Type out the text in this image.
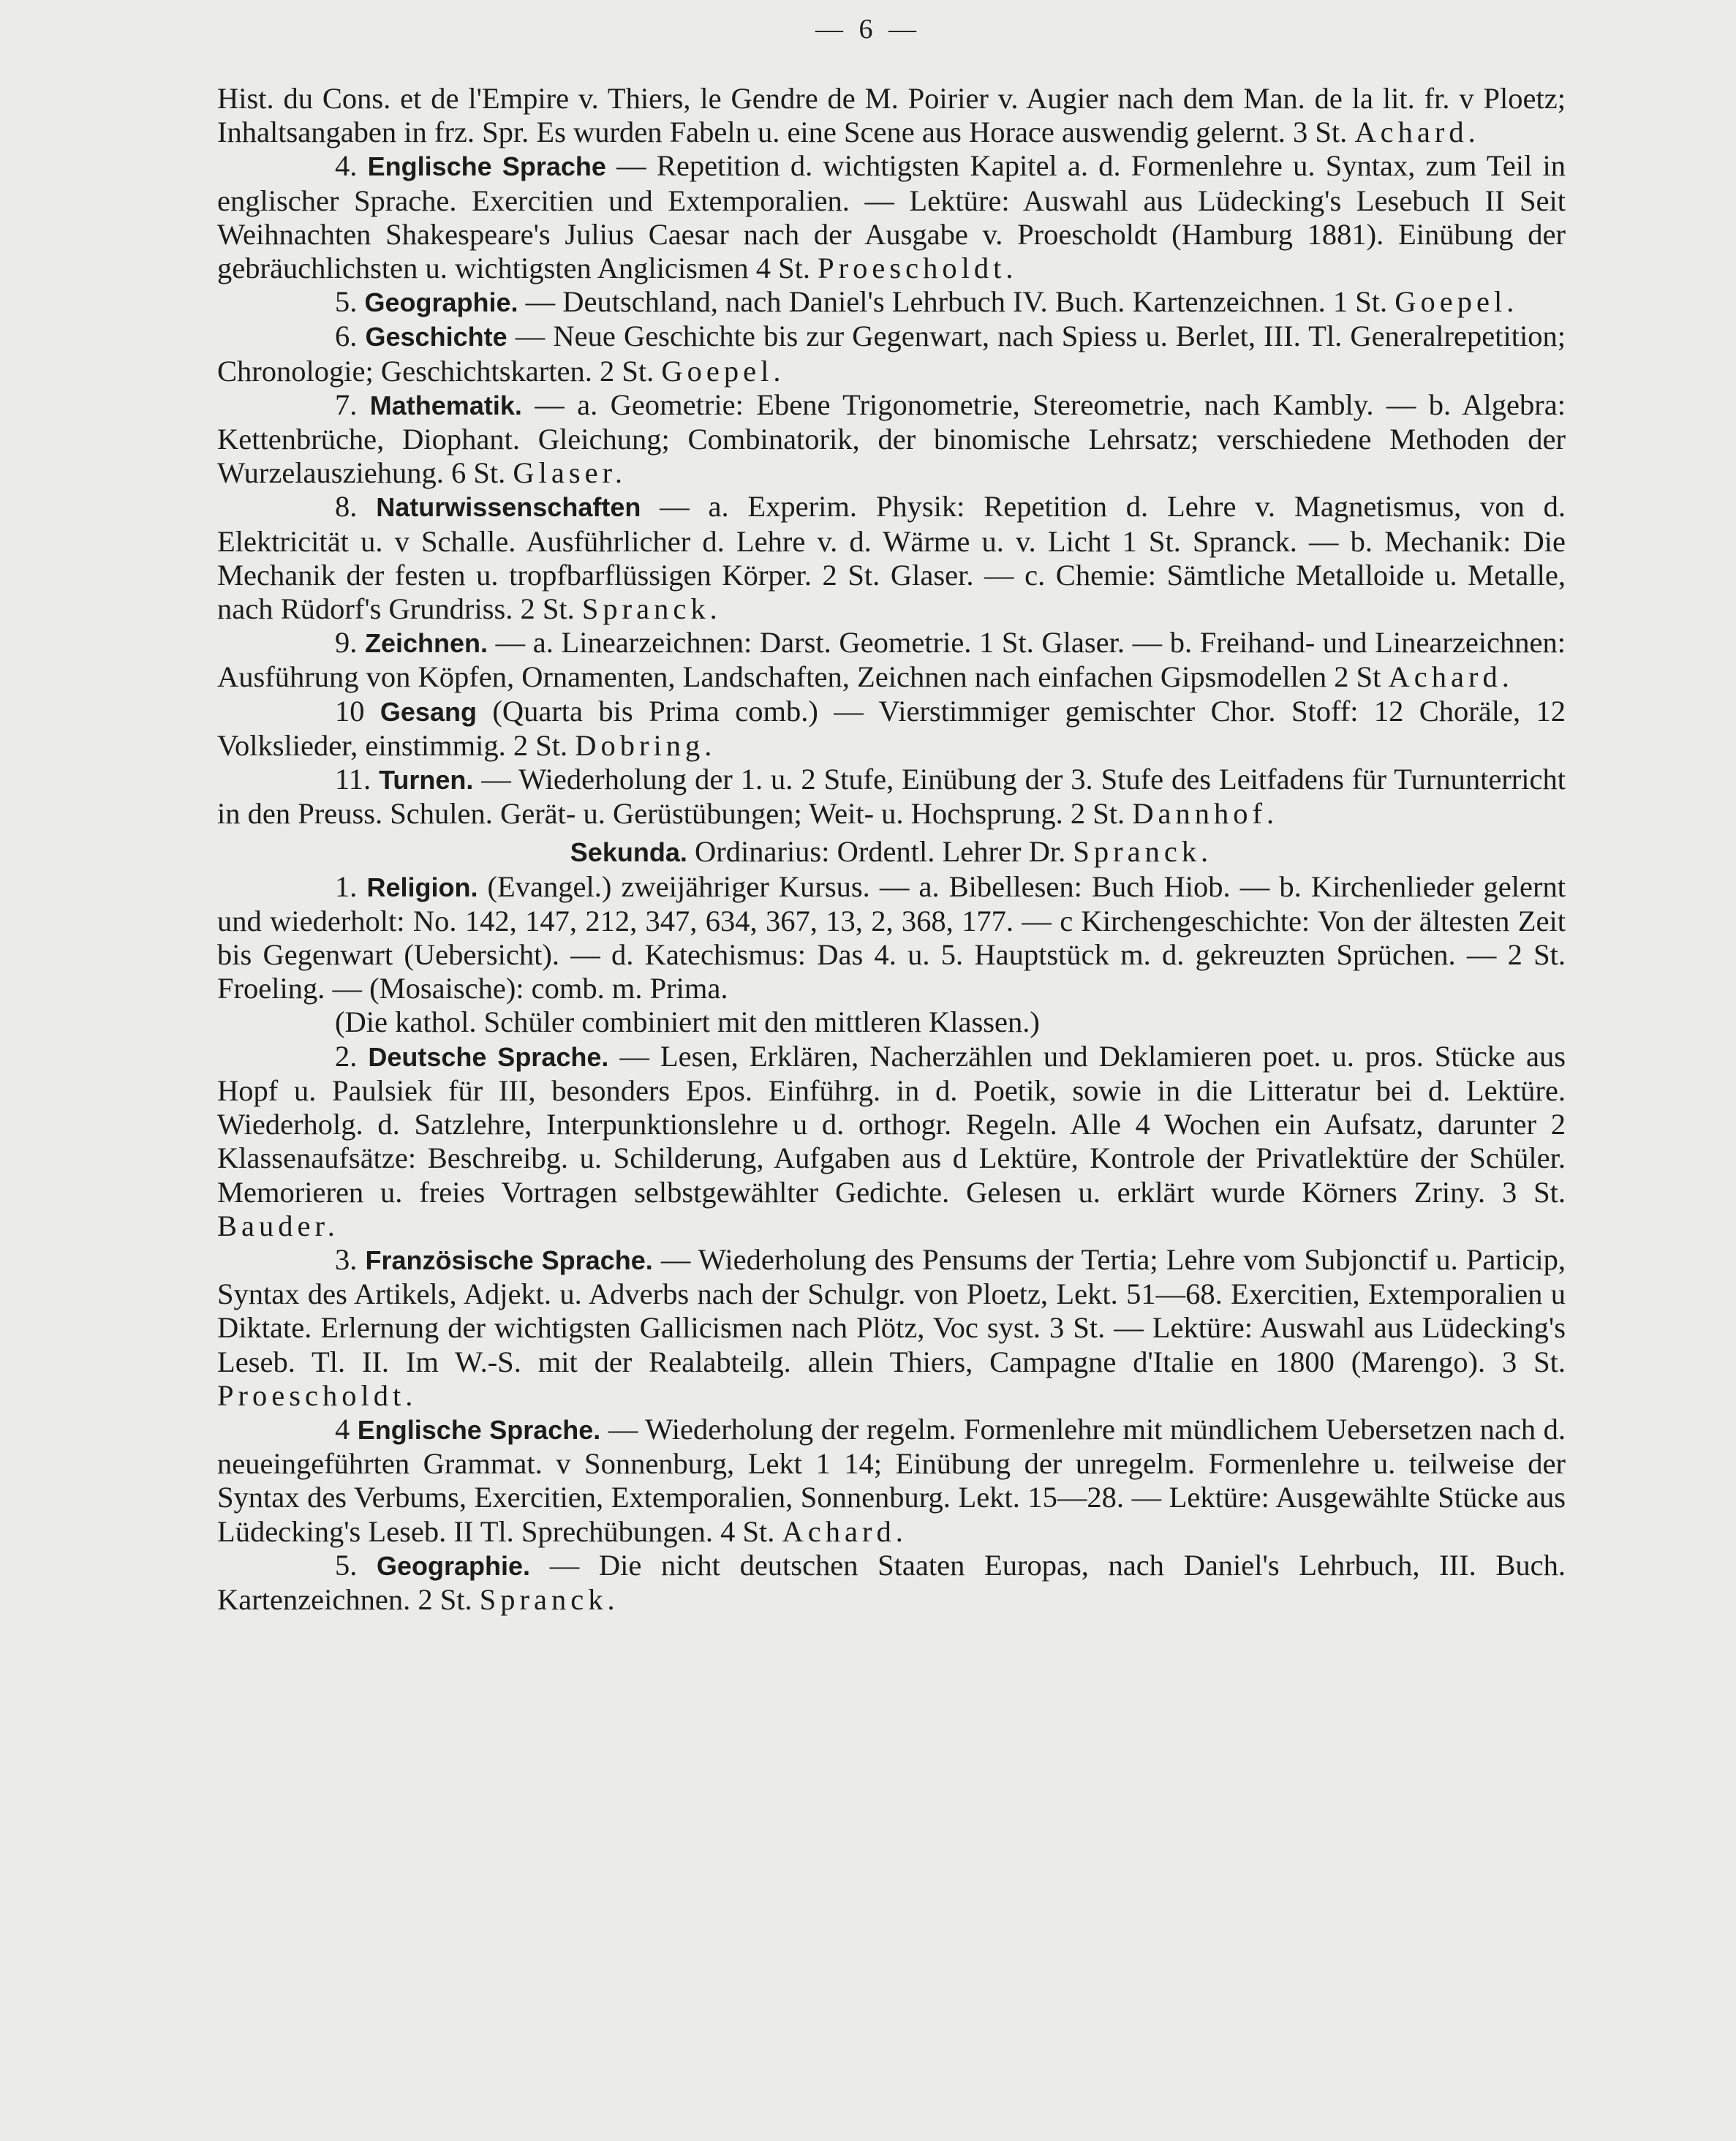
— 6 —

Hist. du Cons. et de l'Empire v. Thiers, le Gendre de M. Poirier v. Augier nach dem Man. de la lit. fr. v Ploetz; Inhaltsangaben in frz. Spr. Es wurden Fabeln u. eine Scene aus Horace auswendig gelernt. 3 St. Achard.

4. Englische Sprache — Repetition d. wichtigsten Kapitel a. d. Formenlehre u. Syntax, zum Teil in englischer Sprache. Exercitien und Extemporalien. — Lektüre: Auswahl aus Lüdecking's Lesebuch II Seit Weihnachten Shakespeare's Julius Caesar nach der Ausgabe v. Proescholdt (Hamburg 1881). Einübung der gebräuchlichsten u. wichtigsten Anglicismen 4 St. Proescholdt.

5. Geographie. — Deutschland, nach Daniel's Lehrbuch IV. Buch. Kartenzeichnen. 1 St. Goepel.

6. Geschichte — Neue Geschichte bis zur Gegenwart, nach Spiess u. Berlet, III. Tl. Generalrepetition; Chronologie; Geschichtskarten. 2 St. Goepel.

7. Mathematik. — a. Geometrie: Ebene Trigonometrie, Stereometrie, nach Kambly. — b. Algebra: Kettenbrüche, Diophant. Gleichung; Combinatorik, der binomische Lehrsatz; verschiedene Methoden der Wurzelausziehung. 6 St. Glaser.

8. Naturwissenschaften — a. Experim. Physik: Repetition d. Lehre v. Magnetismus, von d. Elektricität u. v Schalle. Ausführlicher d. Lehre v. d. Wärme u. v. Licht 1 St. Spranck. — b. Mechanik: Die Mechanik der festen u. tropfbarflüssigen Körper. 2 St. Glaser. — c. Chemie: Sämtliche Metalloide u. Metalle, nach Rüdorf's Grundriss. 2 St. Spranck.

9. Zeichnen. — a. Linearzeichnen: Darst. Geometrie. 1 St. Glaser. — b. Freihand- und Linearzeichnen: Ausführung von Köpfen, Ornamenten, Landschaften, Zeichnen nach einfachen Gipsmodellen 2 St Achard.

10 Gesang (Quarta bis Prima comb.) — Vierstimmiger gemischter Chor. Stoff: 12 Choräle, 12 Volkslieder, einstimmig. 2 St. Dobring.

11. Turnen. — Wiederholung der 1. u. 2 Stufe, Einübung der 3. Stufe des Leitfadens für Turnunterricht in den Preuss. Schulen. Gerät- u. Gerüstübungen; Weit- u. Hochsprung. 2 St. Dannhof.

Sekunda. Ordinarius: Ordentl. Lehrer Dr. Spranck.

1. Religion. (Evangel.) zweijähriger Kursus. — a. Bibellesen: Buch Hiob. — b. Kirchenlieder gelernt und wiederholt: No. 142, 147, 212, 347, 634, 367, 13, 2, 368, 177. — c Kirchengeschichte: Von der ältesten Zeit bis Gegenwart (Uebersicht). — d. Katechismus: Das 4. u. 5. Hauptstück m. d. gekreuzten Sprüchen. — 2 St. Froeling. — (Mosaische): comb. m. Prima.

(Die kathol. Schüler combiniert mit den mittleren Klassen.)

2. Deutsche Sprache. — Lesen, Erklären, Nacherzählen und Deklamieren poet. u. pros. Stücke aus Hopf u. Paulsiek für III, besonders Epos. Einführg. in d. Poetik, sowie in die Litteratur bei d. Lektüre. Wiederholg. d. Satzlehre, Interpunktionslehre u d. orthogr. Regeln. Alle 4 Wochen ein Aufsatz, darunter 2 Klassenaufsätze: Beschreibg. u. Schilderung, Aufgaben aus d Lektüre, Kontrole der Privatlektüre der Schüler. Memorieren u. freies Vortragen selbstgewählter Gedichte. Gelesen u. erklärt wurde Körners Zriny. 3 St. Bauder.

3. Französische Sprache. — Wiederholung des Pensums der Tertia; Lehre vom Subjonctif u. Particip, Syntax des Artikels, Adjekt. u. Adverbs nach der Schulgr. von Ploetz, Lekt. 51—68. Exercitien, Extemporalien u Diktate. Erlernung der wichtigsten Gallicismen nach Plötz, Voc syst. 3 St. — Lektüre: Auswahl aus Lüdecking's Leseb. Tl. II. Im W.-S. mit der Realabteilg. allein Thiers, Campagne d'Italie en 1800 (Marengo). 3 St. Proescholdt.

4 Englische Sprache. — Wiederholung der regelm. Formenlehre mit mündlichem Uebersetzen nach d. neueingeführten Grammat. v Sonnenburg, Lekt 1 14; Einübung der unregelm. Formenlehre u. teilweise der Syntax des Verbums, Exercitien, Extemporalien, Sonnenburg. Lekt. 15—28. — Lektüre: Ausgewählte Stücke aus Lüdecking's Leseb. II Tl. Sprechübungen. 4 St. Achard.

5. Geographie. — Die nicht deutschen Staaten Europas, nach Daniel's Lehrbuch, III. Buch. Kartenzeichnen. 2 St. Spranck.
